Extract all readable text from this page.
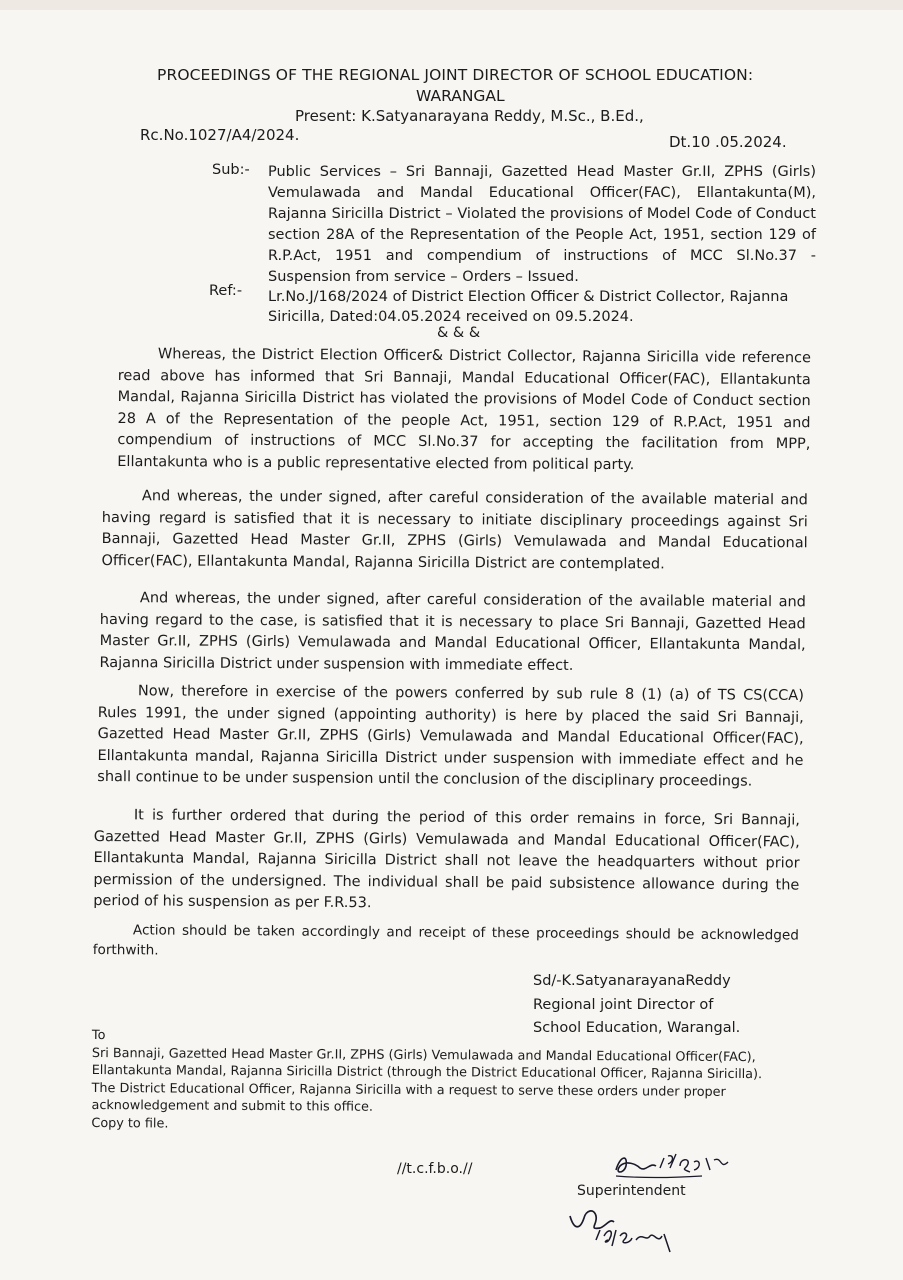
PROCEEDINGS OF THE REGIONAL JOINT DIRECTOR OF SCHOOL EDUCATION:
WARANGAL
Present: K.Satyanarayana Reddy, M.Sc., B.Ed.,
Rc.No.1027/A4/2024.	Dt.10 .05.2024.
Sub:- Public Services – Sri Bannaji, Gazetted Head Master Gr.II, ZPHS (Girls) Vemulawada and Mandal Educational Officer(FAC), Ellantakunta(M), Rajanna Siricilla District – Violated the provisions of Model Code of Conduct section 28A of the Representation of the People Act, 1951, section 129 of R.P.Act, 1951 and compendium of instructions of MCC Sl.No.37 - Suspension from service – Orders – Issued.
Ref:- Lr.No.J/168/2024 of District Election Officer & District Collector, Rajanna Siricilla, Dated:04.05.2024 received on 09.5.2024.
& & &
Whereas, the District Election Officer& District Collector, Rajanna Siricilla vide reference read above has informed that Sri Bannaji, Mandal Educational Officer(FAC), Ellantakunta Mandal, Rajanna Siricilla District has violated the provisions of Model Code of Conduct section 28 A of the Representation of the people Act, 1951, section 129 of R.P.Act, 1951 and compendium of instructions of MCC Sl.No.37 for accepting the facilitation from MPP, Ellantakunta who is a public representative elected from political party.
And whereas, the under signed, after careful consideration of the available material and having regard is satisfied that it is necessary to initiate disciplinary proceedings against Sri Bannaji, Gazetted Head Master Gr.II, ZPHS (Girls) Vemulawada and Mandal Educational Officer(FAC), Ellantakunta Mandal, Rajanna Siricilla District are contemplated.
And whereas, the under signed, after careful consideration of the available material and having regard to the case, is satisfied that it is necessary to place Sri Bannaji, Gazetted Head Master Gr.II, ZPHS (Girls) Vemulawada and Mandal Educational Officer, Ellantakunta Mandal, Rajanna Siricilla District under suspension with immediate effect.
Now, therefore in exercise of the powers conferred by sub rule 8 (1) (a) of TS CS(CCA) Rules 1991, the under signed (appointing authority) is here by placed the said Sri Bannaji, Gazetted Head Master Gr.II, ZPHS (Girls) Vemulawada and Mandal Educational Officer(FAC), Ellantakunta mandal, Rajanna Siricilla District under suspension with immediate effect and he shall continue to be under suspension until the conclusion of the disciplinary proceedings.
It is further ordered that during the period of this order remains in force, Sri Bannaji, Gazetted Head Master Gr.II, ZPHS (Girls) Vemulawada and Mandal Educational Officer(FAC), Ellantakunta Mandal, Rajanna Siricilla District shall not leave the headquarters without prior permission of the undersigned. The individual shall be paid subsistence allowance during the period of his suspension as per F.R.53.
Action should be taken accordingly and receipt of these proceedings should be acknowledged forthwith.
Sd/-K.SatyanarayanaReddy
Regional joint Director of
School Education, Warangal.
To
Sri Bannaji, Gazetted Head Master Gr.II, ZPHS (Girls) Vemulawada and Mandal Educational Officer(FAC), Ellantakunta Mandal, Rajanna Siricilla District (through the District Educational Officer, Rajanna Siricilla).
The District Educational Officer, Rajanna Siricilla with a request to serve these orders under proper acknowledgement and submit to this office.
Copy to file.
//t.c.f.b.o.//
Superintendent
